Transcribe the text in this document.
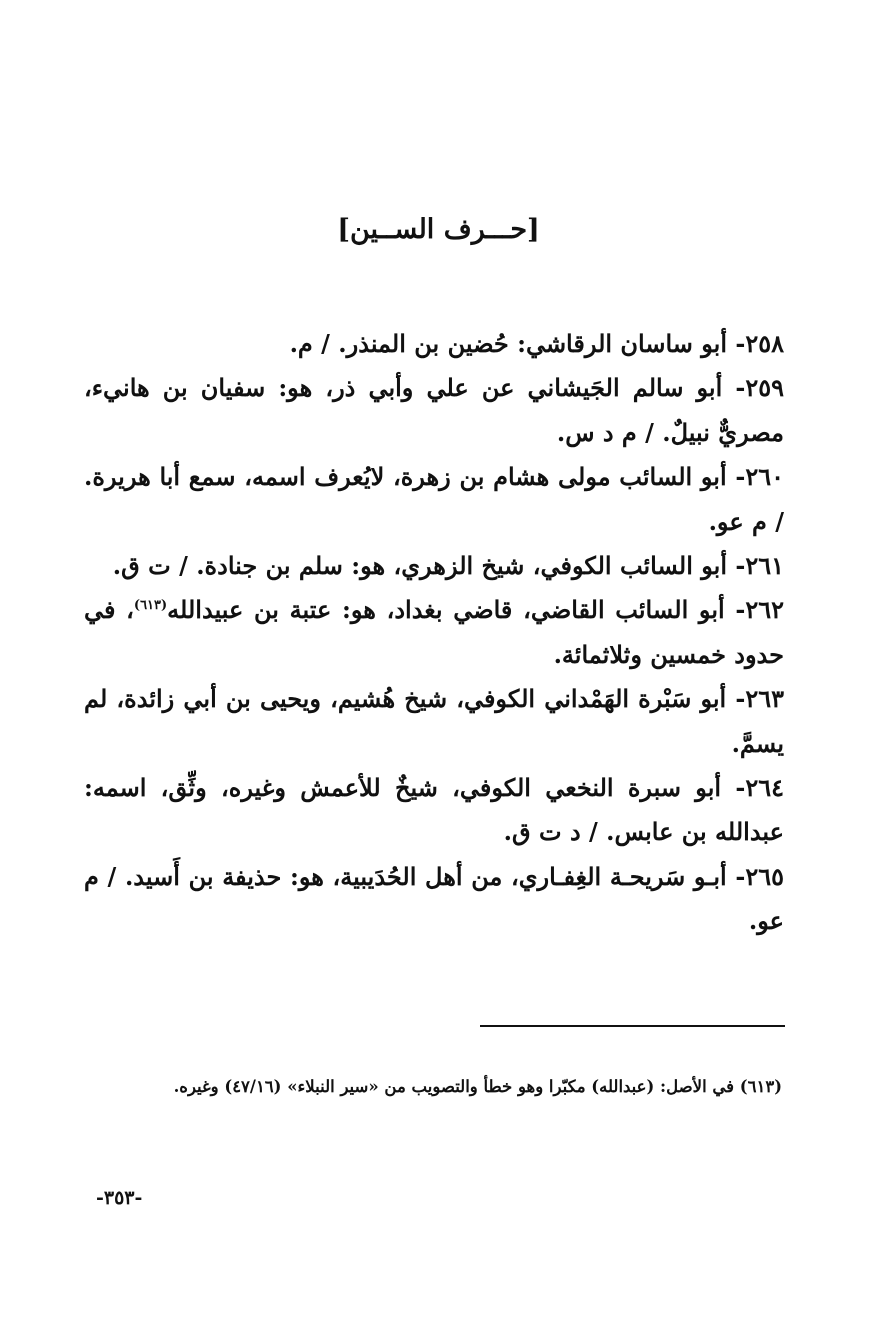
[حـــرف الســين]

٢٥٨- أبو ساسان الرقاشي: حُضين بن المنذر. / م.

٢٥٩- أبو سالم الجَيشاني عن علي وأبي ذر، هو: سفيان بن هانيء، مصريٌّ نبيلٌ. / م د س.

٢٦٠- أبو السائب مولى هشام بن زهرة، لايُعرف اسمه، سمع أبا هريرة. / م عو.

٢٦١- أبو السائب الكوفي، شيخ الزهري، هو: سلم بن جنادة. / ت ق.

٢٦٢- أبو السائب القاضي، قاضي بغداد، هو: عتبة بن عبيدالله$^{(٦١٣)}$، في حدود خمسين وثلاثمائة.

٢٦٣- أبو سَبْرة الهَمْداني الكوفي، شيخ هُشيم، ويحيى بن أبي زائدة، لم يسمَّ.

٢٦٤- أبو سبرة النخعي الكوفي، شيخٌ للأعمش وغيره، وثِّق، اسمه: عبدالله بن عابس. / د ت ق.

٢٦٥- أبـو سَريحـة الغِفـاري، من أهل الحُدَيبية، هو: حذيفة بن أَسيد. / م عو.

(٦١٣) في الأصل: (عبدالله) مكبّرا وهو خطأ والتصويب من «سير النبلاء» (٤٧/١٦) وغيره.
-٣٥٣-
